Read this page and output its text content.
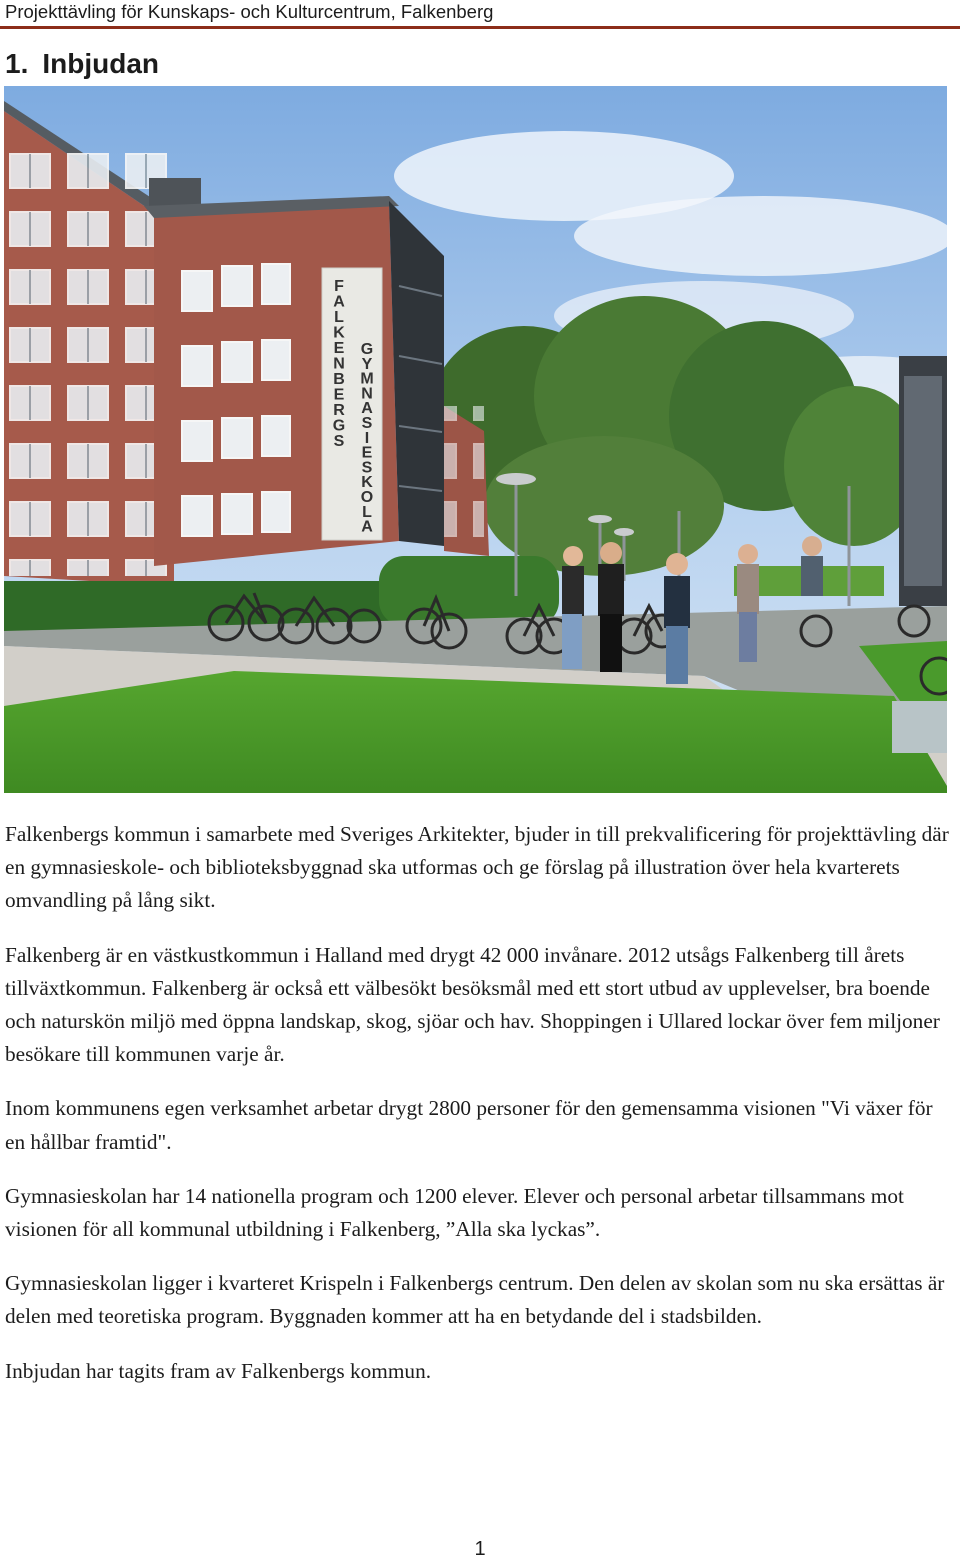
Projekttävling för Kunskaps- och Kulturcentrum, Falkenberg
1. Inbjudan
F A L K E N B E R G S
G Y M N A S I E S K O L A

Falkenbergs kommun i samarbete med Sveriges Arkitekter, bjuder in till prekvalificering för projekttävling där en gymnasieskole- och biblioteksbyggnad ska utformas och ge förslag på illustration över hela kvarterets omvandling på lång sikt.

Falkenberg är en västkustkommun i Halland med drygt 42 000 invånare. 2012 utsågs Falkenberg till årets tillväxtkommun. Falkenberg är också ett välbesökt besöksmål med ett stort utbud av upplevelser, bra boende och naturskön miljö med öppna landskap, skog, sjöar och hav. Shoppingen i Ullared lockar över fem miljoner besökare till kommunen varje år.

Inom kommunens egen verksamhet arbetar drygt 2800 personer för den gemensamma visionen "Vi växer för en hållbar framtid".

Gymnasieskolan har 14 nationella program och 1200 elever. Elever och personal arbetar tillsammans mot visionen för all kommunal utbildning i Falkenberg, ”Alla ska lyckas”.

Gymnasieskolan ligger i kvarteret Krispeln i Falkenbergs centrum. Den delen av skolan som nu ska ersättas är delen med teoretiska program. Byggnaden kommer att ha en betydande del i stadsbilden.

Inbjudan har tagits fram av Falkenbergs kommun.

1
